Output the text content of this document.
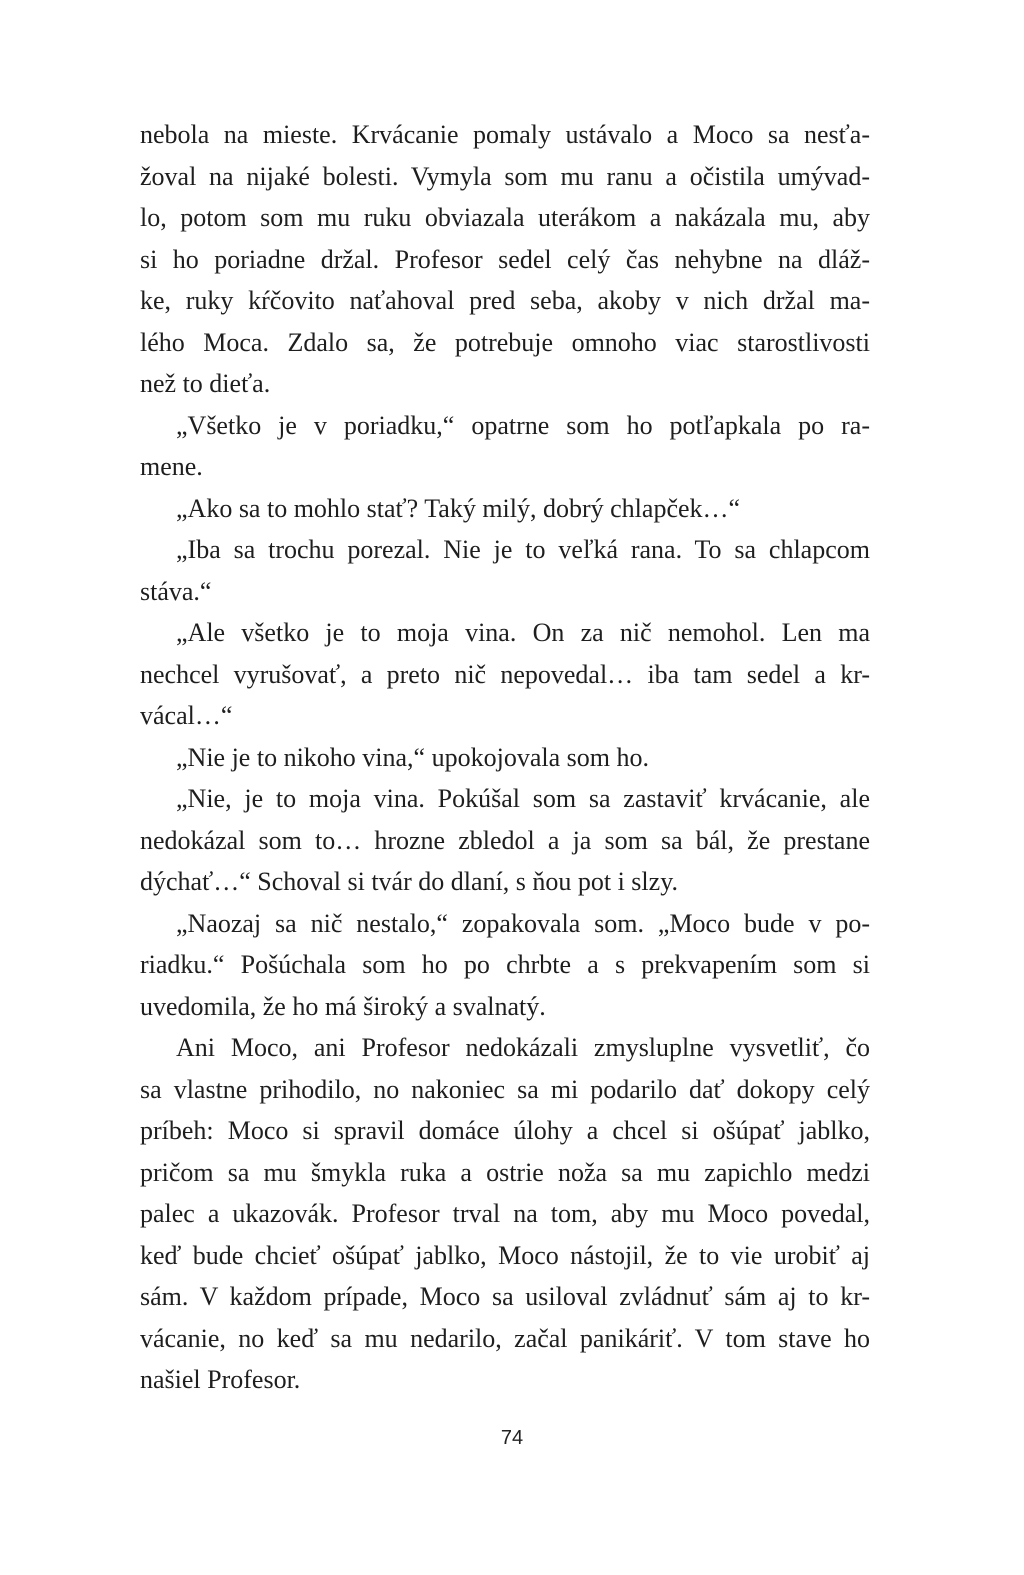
nebola na mieste. Krvácanie pomaly ustávalo a Moco sa nesťa-
žoval na nijaké bolesti. Vymyla som mu ranu a očistila umývad-
lo, potom som mu ruku obviazala uterákom a nakázala mu, aby
si ho poriadne držal. Profesor sedel celý čas nehybne na dláž-
ke, ruky kŕčovito naťahoval pred seba, akoby v nich držal ma-
lého Moca. Zdalo sa, že potrebuje omnoho viac starostlivosti
než to dieťa.
„Všetko je v poriadku,“ opatrne som ho potľapkala po ra-
mene.
„Ako sa to mohlo stať? Taký milý, dobrý chlapček…“
„Iba sa trochu porezal. Nie je to veľká rana. To sa chlapcom
stáva.“
„Ale všetko je to moja vina. On za nič nemohol. Len ma
nechcel vyrušovať, a preto nič nepovedal… iba tam sedel a kr-
vácal…“
„Nie je to nikoho vina,“ upokojovala som ho.
„Nie, je to moja vina. Pokúšal som sa zastaviť krvácanie, ale
nedokázal som to… hrozne zbledol a ja som sa bál, že prestane
dýchať…“ Schoval si tvár do dlaní, s ňou pot i slzy.
„Naozaj sa nič nestalo,“ zopakovala som. „Moco bude v po-
riadku.“ Pošúchala som ho po chrbte a s prekvapením som si
uvedomila, že ho má široký a svalnatý.
Ani Moco, ani Profesor nedokázali zmysluplne vysvetliť, čo
sa vlastne prihodilo, no nakoniec sa mi podarilo dať dokopy celý
príbeh: Moco si spravil domáce úlohy a chcel si ošúpať jablko,
pričom sa mu šmykla ruka a ostrie noža sa mu zapichlo medzi
palec a ukazovák. Profesor trval na tom, aby mu Moco povedal,
keď bude chcieť ošúpať jablko, Moco nástojil, že to vie urobiť aj
sám. V každom prípade, Moco sa usiloval zvládnuť sám aj to kr-
vácanie, no keď sa mu nedarilo, začal panikáriť. V tom stave ho
našiel Profesor.
74
